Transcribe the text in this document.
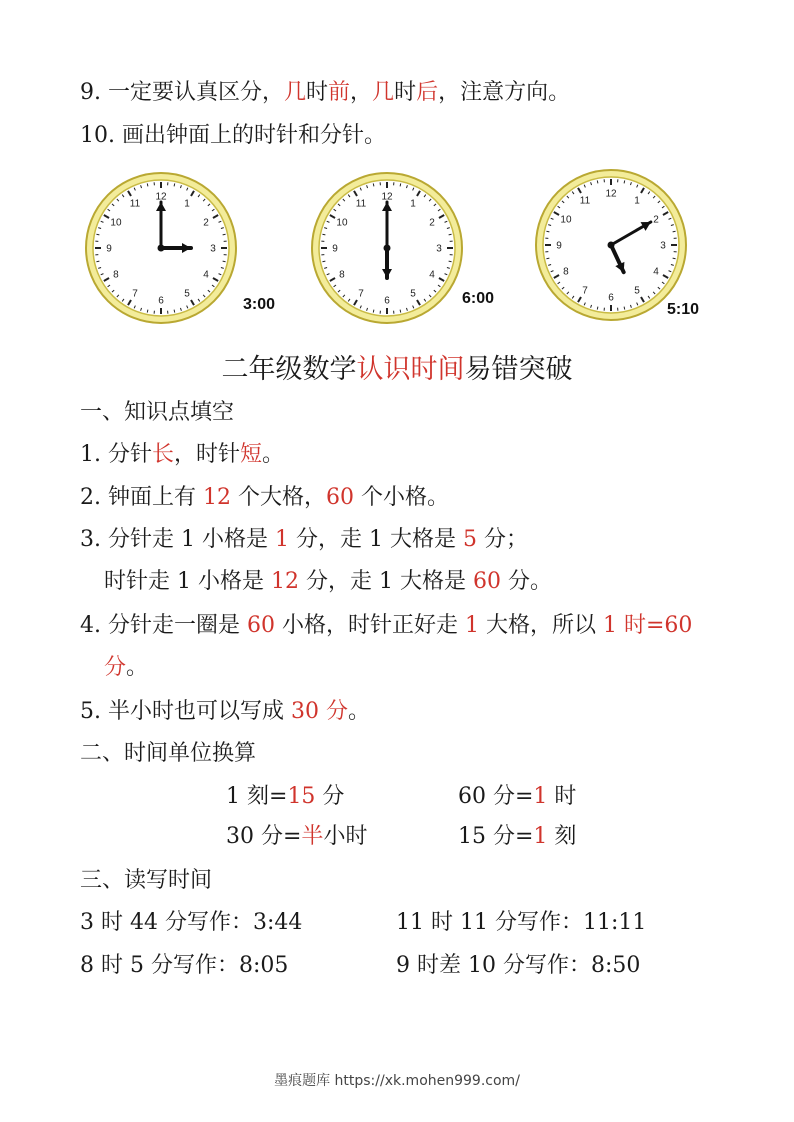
9. 一定要认真区分，几时前，几时后，注意方向。
10. 画出钟面上的时针和分针。
12
1
2
3
4
5
6
7
8
9
10
11
3:00
12
1
2
3
4
5
6
7
8
9
10
11
6:00
12
1
2
3
4
5
6
7
8
9
10
11
5:10
二年级数学认识时间易错突破
一、知识点填空
1. 分针长，时针短。
2. 钟面上有 12 个大格，60 个小格。
3. 分针走 1 小格是 1 分，走 1 大格是 5 分；
时针走 1 小格是 12 分，走 1 大格是 60 分。
4. 分针走一圈是 60 小格，时针正好走 1 大格，所以 1 时=60
分。
5. 半小时也可以写成 30 分。
二、时间单位换算
1 刻=15 分	60 分=1 时
30 分=半小时	15 分=1 刻
三、读写时间
3 时 44 分写作：3:44	11 时 11 分写作：11:11
8 时 5 分写作：8:05	9 时差 10 分写作：8:50
墨痕题库 https://xk.mohen999.com/
